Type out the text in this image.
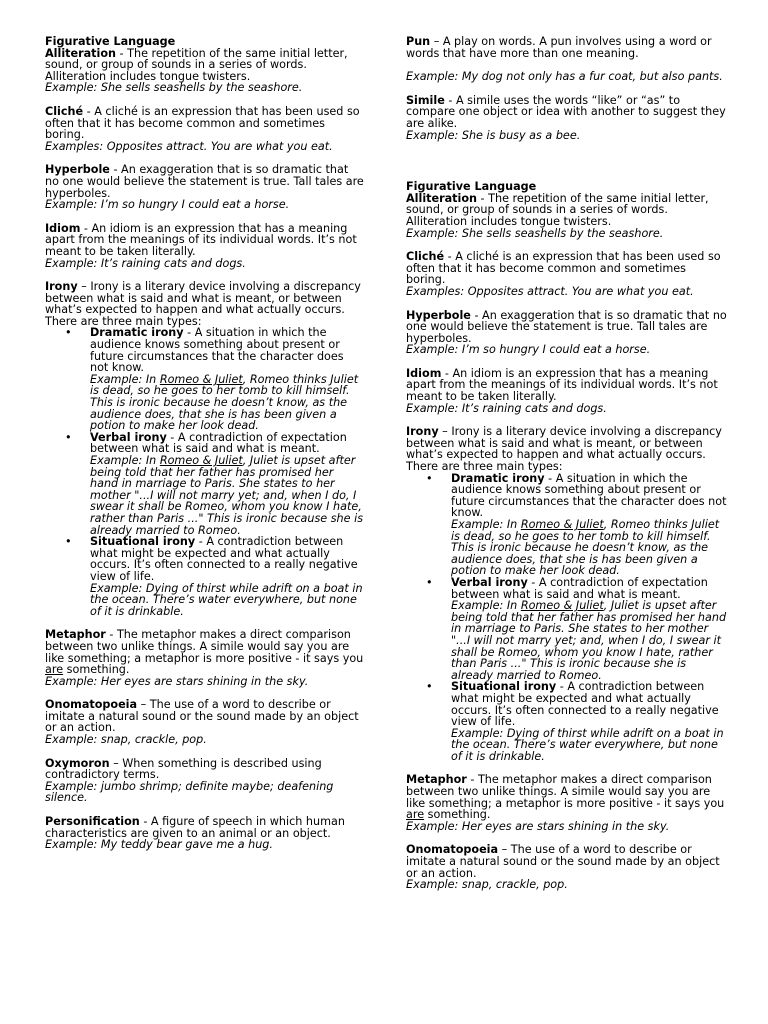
Figurative Language

Alliteration - The repetition of the same initial letter, sound, or group of sounds in a series of words. Alliteration includes tongue twisters.

Example: She sells seashells by the seashore.

Cliché - A cliché is an expression that has been used so often that it has become common and sometimes boring.

Examples: Opposites attract. You are what you eat.

Hyperbole - An exaggeration that is so dramatic that no one would believe the statement is true. Tall tales are hyperboles.

Example: I’m so hungry I could eat a horse.

Idiom - An idiom is an expression that has a meaning apart from the meanings of its individual words. It’s not meant to be taken literally.

Example: It’s raining cats and dogs.

Irony – Irony is a literary device involving a discrepancy between what is said and what is meant, or between what’s expected to happen and what actually occurs. There are three main types:

• Dramatic irony - A situation in which the audience knows something about present or future circumstances that the character does not know.
Example: In Romeo & Juliet, Romeo thinks Juliet is dead, so he goes to her tomb to kill himself. This is ironic because he doesn’t know, as the audience does, that she is has been given a potion to make her look dead.
• Verbal irony - A contradiction of expectation between what is said and what is meant.
Example: In Romeo & Juliet, Juliet is upset after being told that her father has promised her hand in marriage to Paris. She states to her mother "...I will not marry yet; and, when I do, I swear it shall be Romeo, whom you know I hate, rather than Paris ..." This is ironic because she is already married to Romeo.
• Situational irony - A contradiction between what might be expected and what actually occurs. It’s often connected to a really negative view of life.
Example: Dying of thirst while adrift on a boat in the ocean. There’s water everywhere, but none of it is drinkable.

Metaphor - The metaphor makes a direct comparison between two unlike things. A simile would say you are like something; a metaphor is more positive - it says you are something.

Example: Her eyes are stars shining in the sky.

Onomatopoeia – The use of a word to describe or imitate a natural sound or the sound made by an object or an action.

Example: snap, crackle, pop.

Oxymoron – When something is described using contradictory terms.

Example: jumbo shrimp; definite maybe; deafening silence.

Personification - A figure of speech in which human characteristics are given to an animal or an object.

Example: My teddy bear gave me a hug.

Pun – A play on words. A pun involves using a word or words that have more than one meaning.

Example: My dog not only has a fur coat, but also pants.

Simile - A simile uses the words “like” or “as” to compare one object or idea with another to suggest they are alike.

Example: She is busy as a bee.

Figurative Language

Alliteration - The repetition of the same initial letter, sound, or group of sounds in a series of words. Alliteration includes tongue twisters.

Example: She sells seashells by the seashore.

Cliché - A cliché is an expression that has been used so often that it has become common and sometimes boring.

Examples: Opposites attract. You are what you eat.

Hyperbole - An exaggeration that is so dramatic that no one would believe the statement is true. Tall tales are hyperboles.

Example: I’m so hungry I could eat a horse.

Idiom - An idiom is an expression that has a meaning apart from the meanings of its individual words. It’s not meant to be taken literally.

Example: It’s raining cats and dogs.

Irony – Irony is a literary device involving a discrepancy between what is said and what is meant, or between what’s expected to happen and what actually occurs. There are three main types:

• Dramatic irony - A situation in which the audience knows something about present or future circumstances that the character does not know.
Example: In Romeo & Juliet, Romeo thinks Juliet is dead, so he goes to her tomb to kill himself. This is ironic because he doesn’t know, as the audience does, that she is has been given a potion to make her look dead.
• Verbal irony - A contradiction of expectation between what is said and what is meant.
Example: In Romeo & Juliet, Juliet is upset after being told that her father has promised her hand in marriage to Paris. She states to her mother "...I will not marry yet; and, when I do, I swear it shall be Romeo, whom you know I hate, rather than Paris ..." This is ironic because she is already married to Romeo.
• Situational irony - A contradiction between what might be expected and what actually occurs. It’s often connected to a really negative view of life.
Example: Dying of thirst while adrift on a boat in the ocean. There’s water everywhere, but none of it is drinkable.

Metaphor - The metaphor makes a direct comparison between two unlike things. A simile would say you are like something; a metaphor is more positive - it says you are something.

Example: Her eyes are stars shining in the sky.

Onomatopoeia – The use of a word to describe or imitate a natural sound or the sound made by an object or an action.

Example: snap, crackle, pop.
